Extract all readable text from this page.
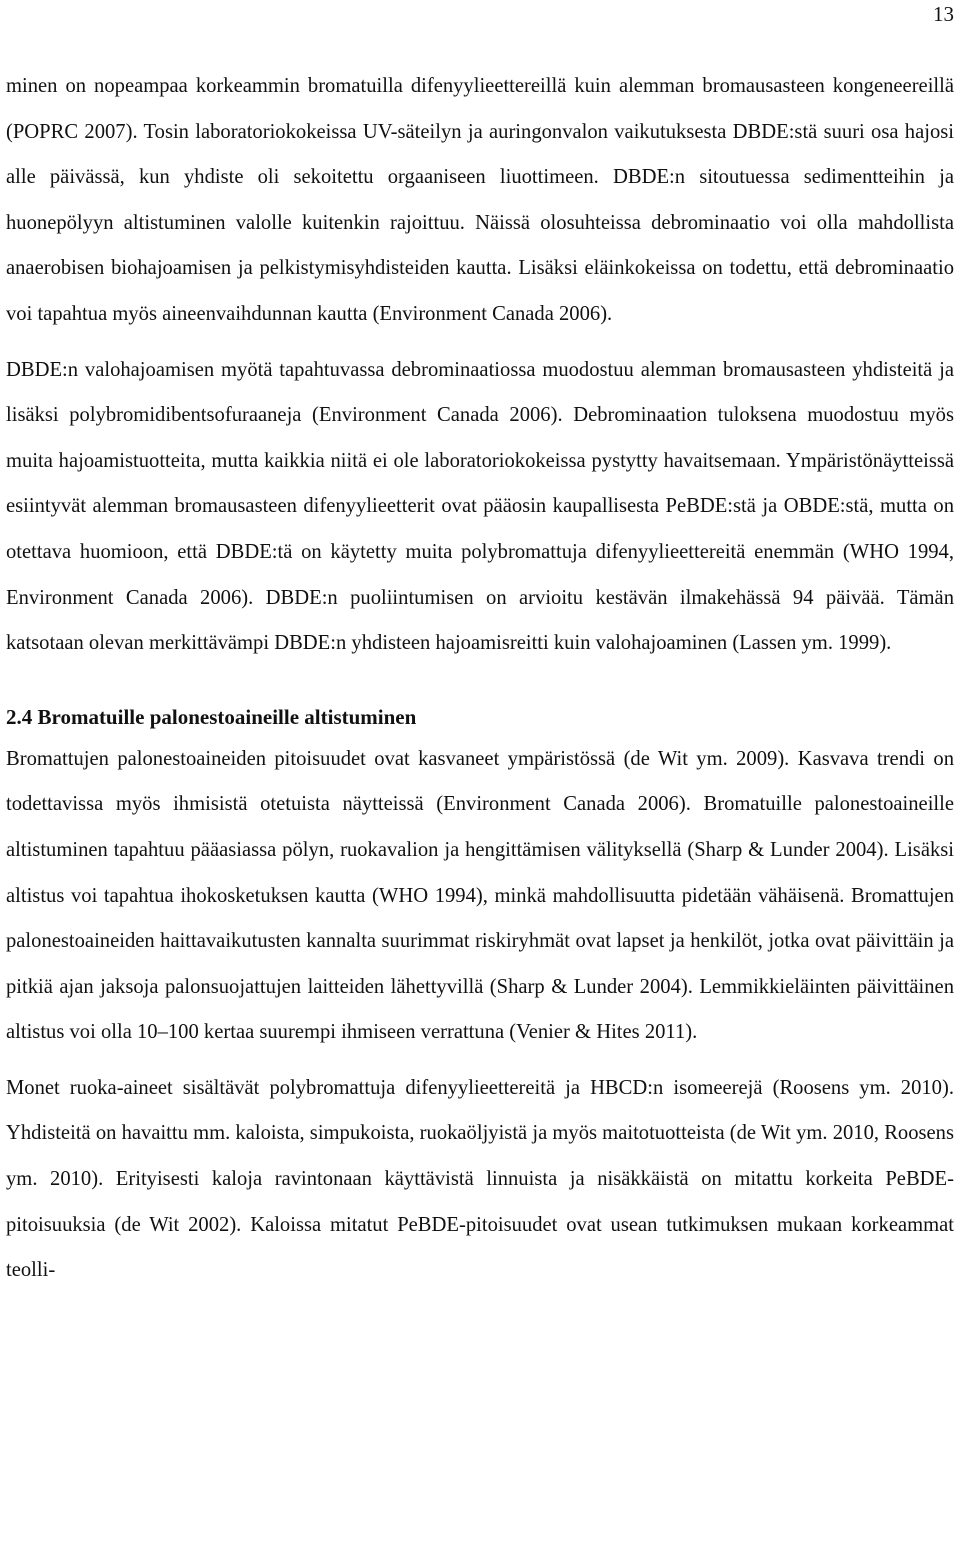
13

minen on nopeampaa korkeammin bromatuilla difenyylieettereillä kuin alemman bromausasteen kongeneereillä (POPRC 2007). Tosin laboratoriokokeissa UV-säteilyn ja auringonvalon vaikutuksesta DBDE:stä suuri osa hajosi alle päivässä, kun yhdiste oli sekoitettu orgaaniseen liuottimeen. DBDE:n sitoutuessa sedimentteihin ja huonepölyyn altistuminen valolle kuitenkin rajoittuu. Näissä olosuhteissa debrominaatio voi olla mahdollista anaerobisen biohajoamisen ja pelkistymisyhdisteiden kautta. Lisäksi eläinkokeissa on todettu, että debrominaatio voi tapahtua myös aineenvaihdunnan kautta (Environment Canada 2006).

DBDE:n valohajoamisen myötä tapahtuvassa debrominaatiossa muodostuu alemman bromausasteen yhdisteitä ja lisäksi polybromidibentsofuraaneja (Environment Canada 2006). Debrominaation tuloksena muodostuu myös muita hajoamistuotteita, mutta kaikkia niitä ei ole laboratoriokokeissa pystytty havaitsemaan. Ympäristönäytteissä esiintyvät alemman bromausasteen difenyylieetterit ovat pääosin kaupallisesta PeBDE:stä ja OBDE:stä, mutta on otettava huomioon, että DBDE:tä on käytetty muita polybromattuja difenyylieettereitä enemmän (WHO 1994, Environment Canada 2006). DBDE:n puoliintumisen on arvioitu kestävän ilmakehässä 94 päivää. Tämän katsotaan olevan merkittävämpi DBDE:n yhdisteen hajoamisreitti kuin valohajoaminen (Lassen ym. 1999).

2.4 Bromatuille palonestoaineille altistuminen

Bromattujen palonestoaineiden pitoisuudet ovat kasvaneet ympäristössä (de Wit ym. 2009). Kasvava trendi on todettavissa myös ihmisistä otetuista näytteissä (Environment Canada 2006). Bromatuille palonestoaineille altistuminen tapahtuu pääasiassa pölyn, ruokavalion ja hengittämisen välityksellä (Sharp & Lunder 2004). Lisäksi altistus voi tapahtua ihokosketuksen kautta (WHO 1994), minkä mahdollisuutta pidetään vähäisenä. Bromattujen palonestoaineiden haittavaikutusten kannalta suurimmat riskiryhmät ovat lapset ja henkilöt, jotka ovat päivittäin ja pitkiä ajan jaksoja palonsuojattujen laitteiden lähettyvillä (Sharp & Lunder 2004). Lemmikkieläinten päivittäinen altistus voi olla 10–100 kertaa suurempi ihmiseen verrattuna (Venier & Hites 2011).

Monet ruoka-aineet sisältävät polybromattuja difenyylieettereitä ja HBCD:n isomeerejä (Roosens ym. 2010). Yhdisteitä on havaittu mm. kaloista, simpukoista, ruokaöljyistä ja myös maitotuotteista (de Wit ym. 2010, Roosens ym. 2010). Erityisesti kaloja ravintonaan käyttävistä linnuista ja nisäkkäistä on mitattu korkeita PeBDE-pitoisuuksia (de Wit 2002). Kaloissa mitatut PeBDE-pitoisuudet ovat usean tutkimuksen mukaan korkeammat teolli-
